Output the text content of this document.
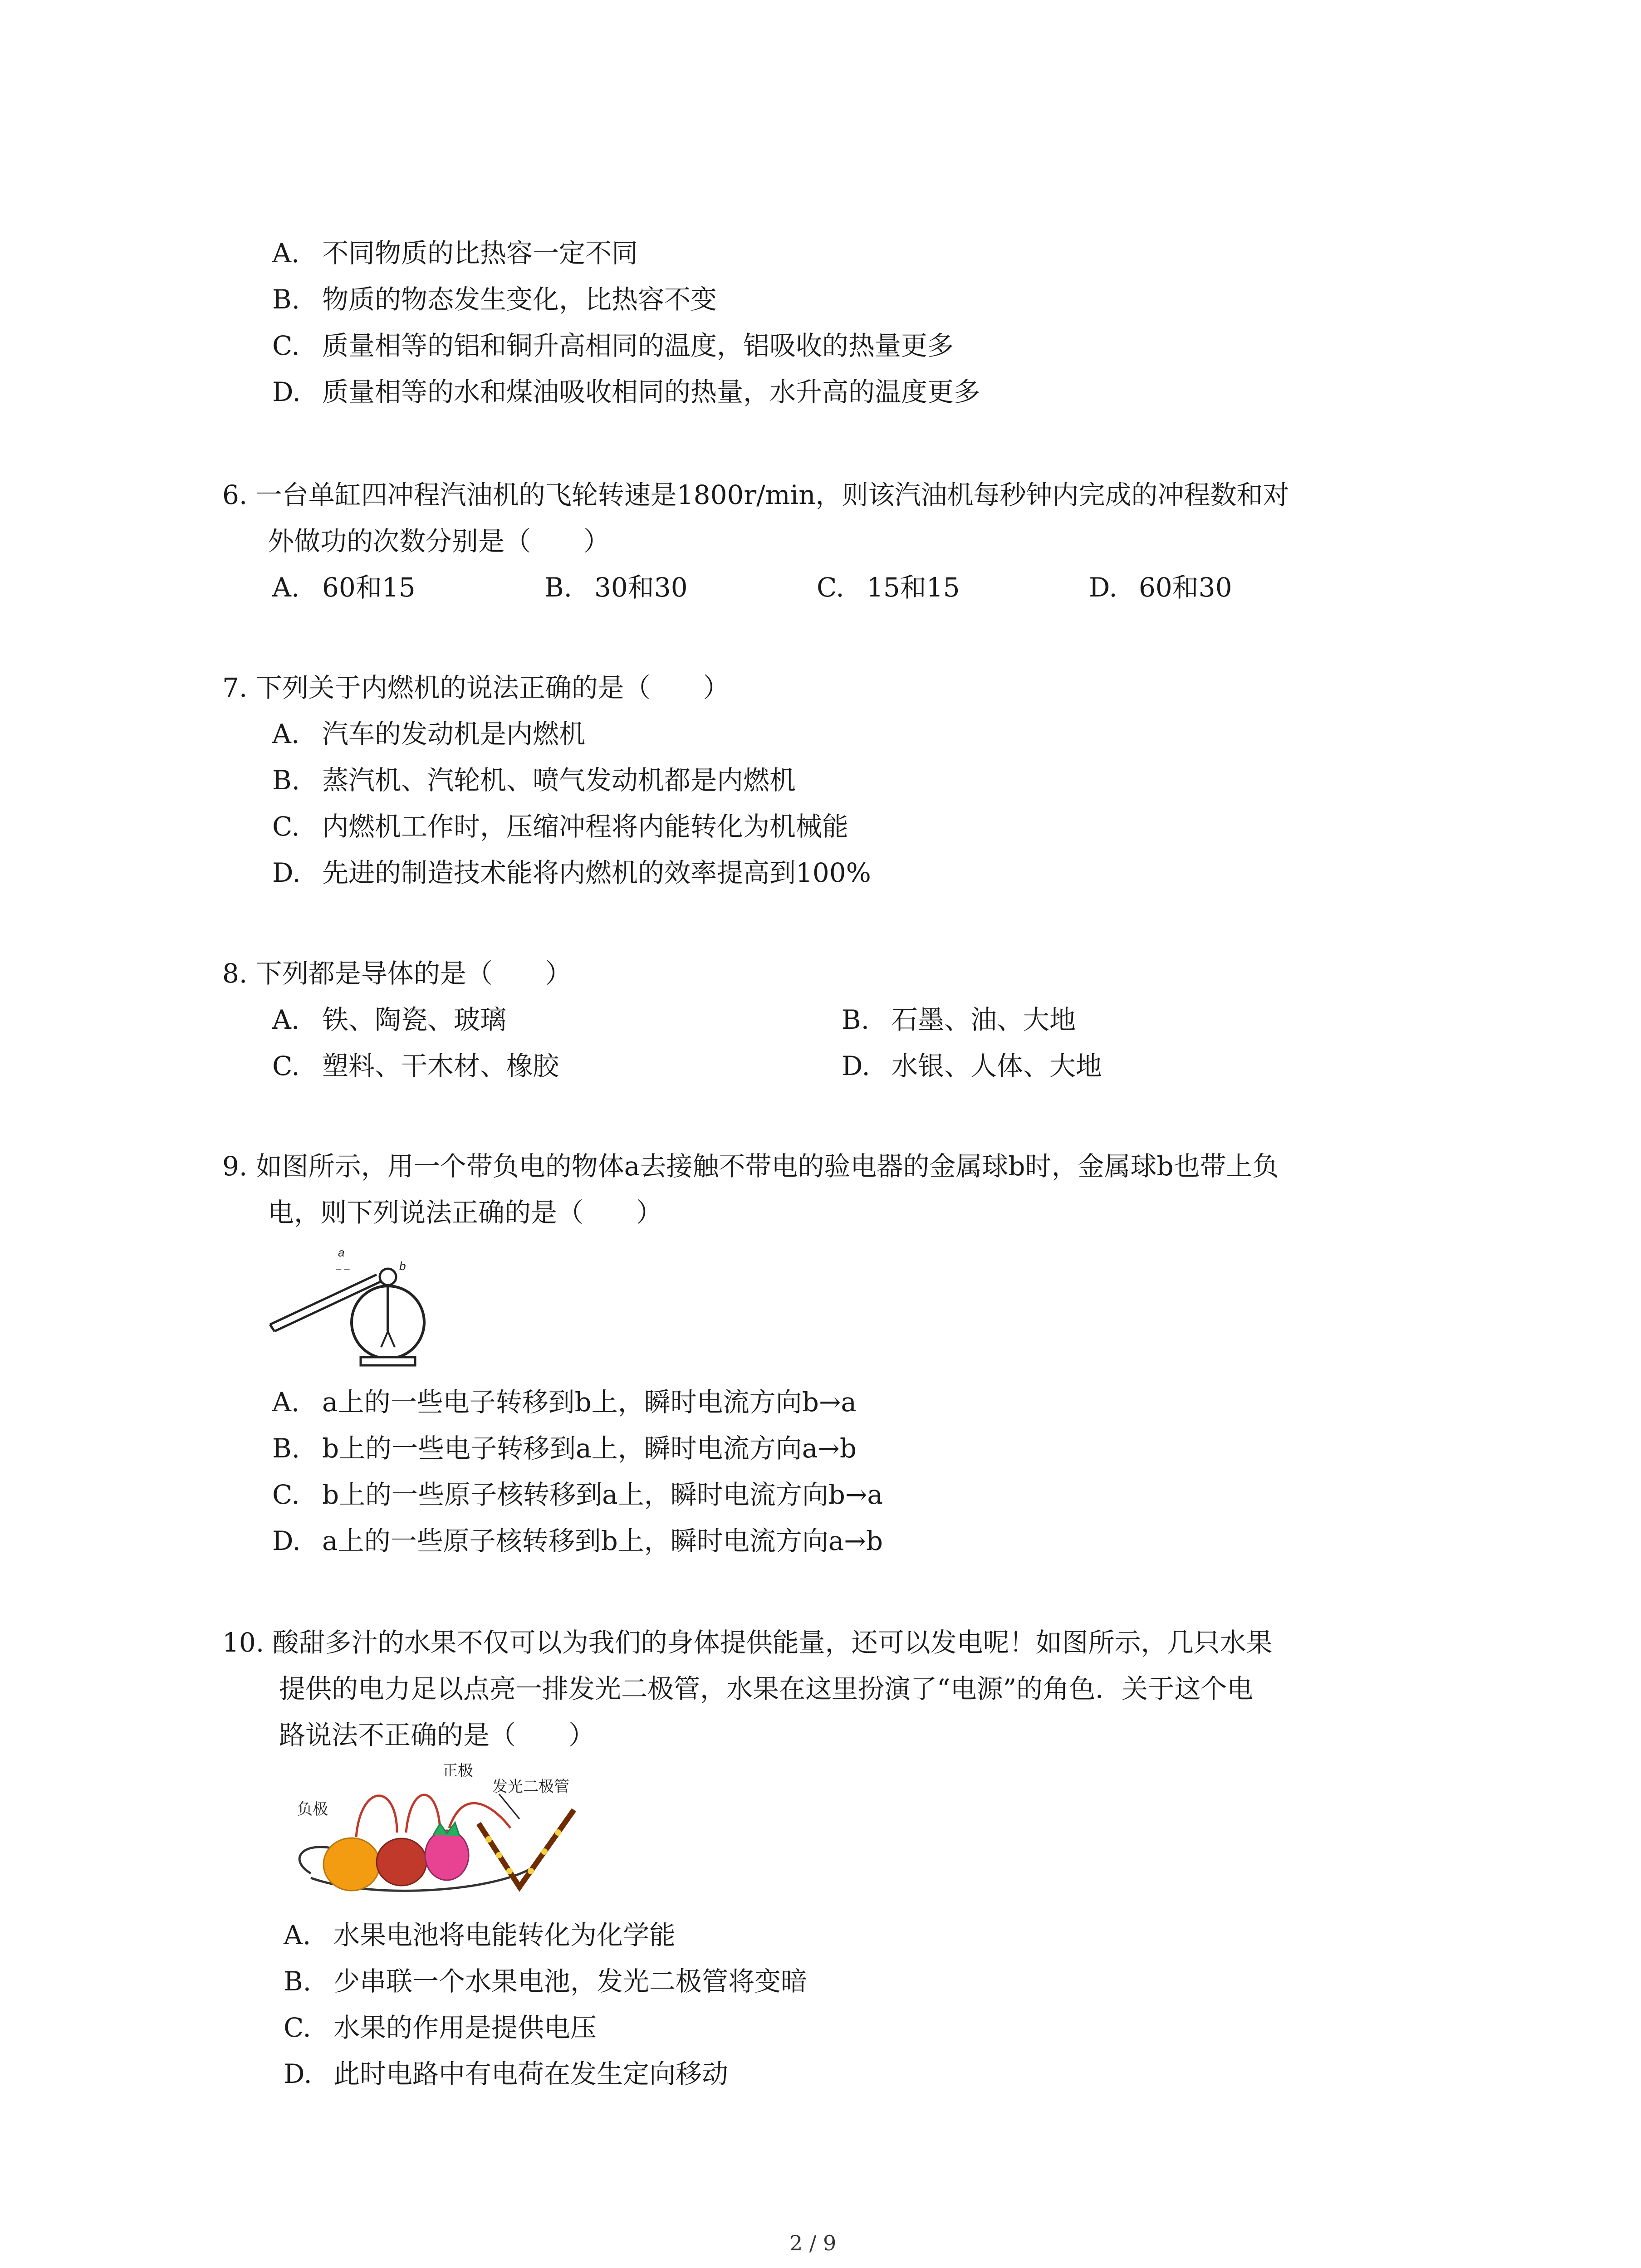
A. 不同物质的比热容一定不同
B. 物质的物态发生变化，比热容不变
C. 质量相等的铝和铜升高相同的温度，铝吸收的热量更多
D. 质量相等的水和煤油吸收相同的热量，水升高的温度更多
6. 一台单缸四冲程汽油机的飞轮转速是1800r/min，则该汽油机每秒钟内完成的冲程数和对
外做功的次数分别是（　　）
A. 60和15	B. 30和30	C. 15和15	D. 60和30
7. 下列关于内燃机的说法正确的是（　　）
A. 汽车的发动机是内燃机
B. 蒸汽机、汽轮机、喷气发动机都是内燃机
C. 内燃机工作时，压缩冲程将内能转化为机械能
D. 先进的制造技术能将内燃机的效率提高到100%
8. 下列都是导体的是（　　）
A. 铁、陶瓷、玻璃	B. 石墨、油、大地
C. 塑料、干木材、橡胶	D. 水银、人体、大地
9. 如图所示，用一个带负电的物体a去接触不带电的验电器的金属球b时，金属球b也带上负
电，则下列说法正确的是（　　）
– –
a
b
A. a上的一些电子转移到b上，瞬时电流方向b→a
B. b上的一些电子转移到a上，瞬时电流方向a→b
C. b上的一些原子核转移到a上，瞬时电流方向b→a
D. a上的一些原子核转移到b上，瞬时电流方向a→b
10. 酸甜多汁的水果不仅可以为我们的身体提供能量，还可以发电呢！如图所示，几只水果
提供的电力足以点亮一排发光二极管，水果在这里扮演了“电源”的角色．关于这个电
路说法不正确的是（　　）
负极
正极
发光二极管
A. 水果电池将电能转化为化学能
B. 少串联一个水果电池，发光二极管将变暗
C. 水果的作用是提供电压
D. 此时电路中有电荷在发生定向移动
2 / 9
